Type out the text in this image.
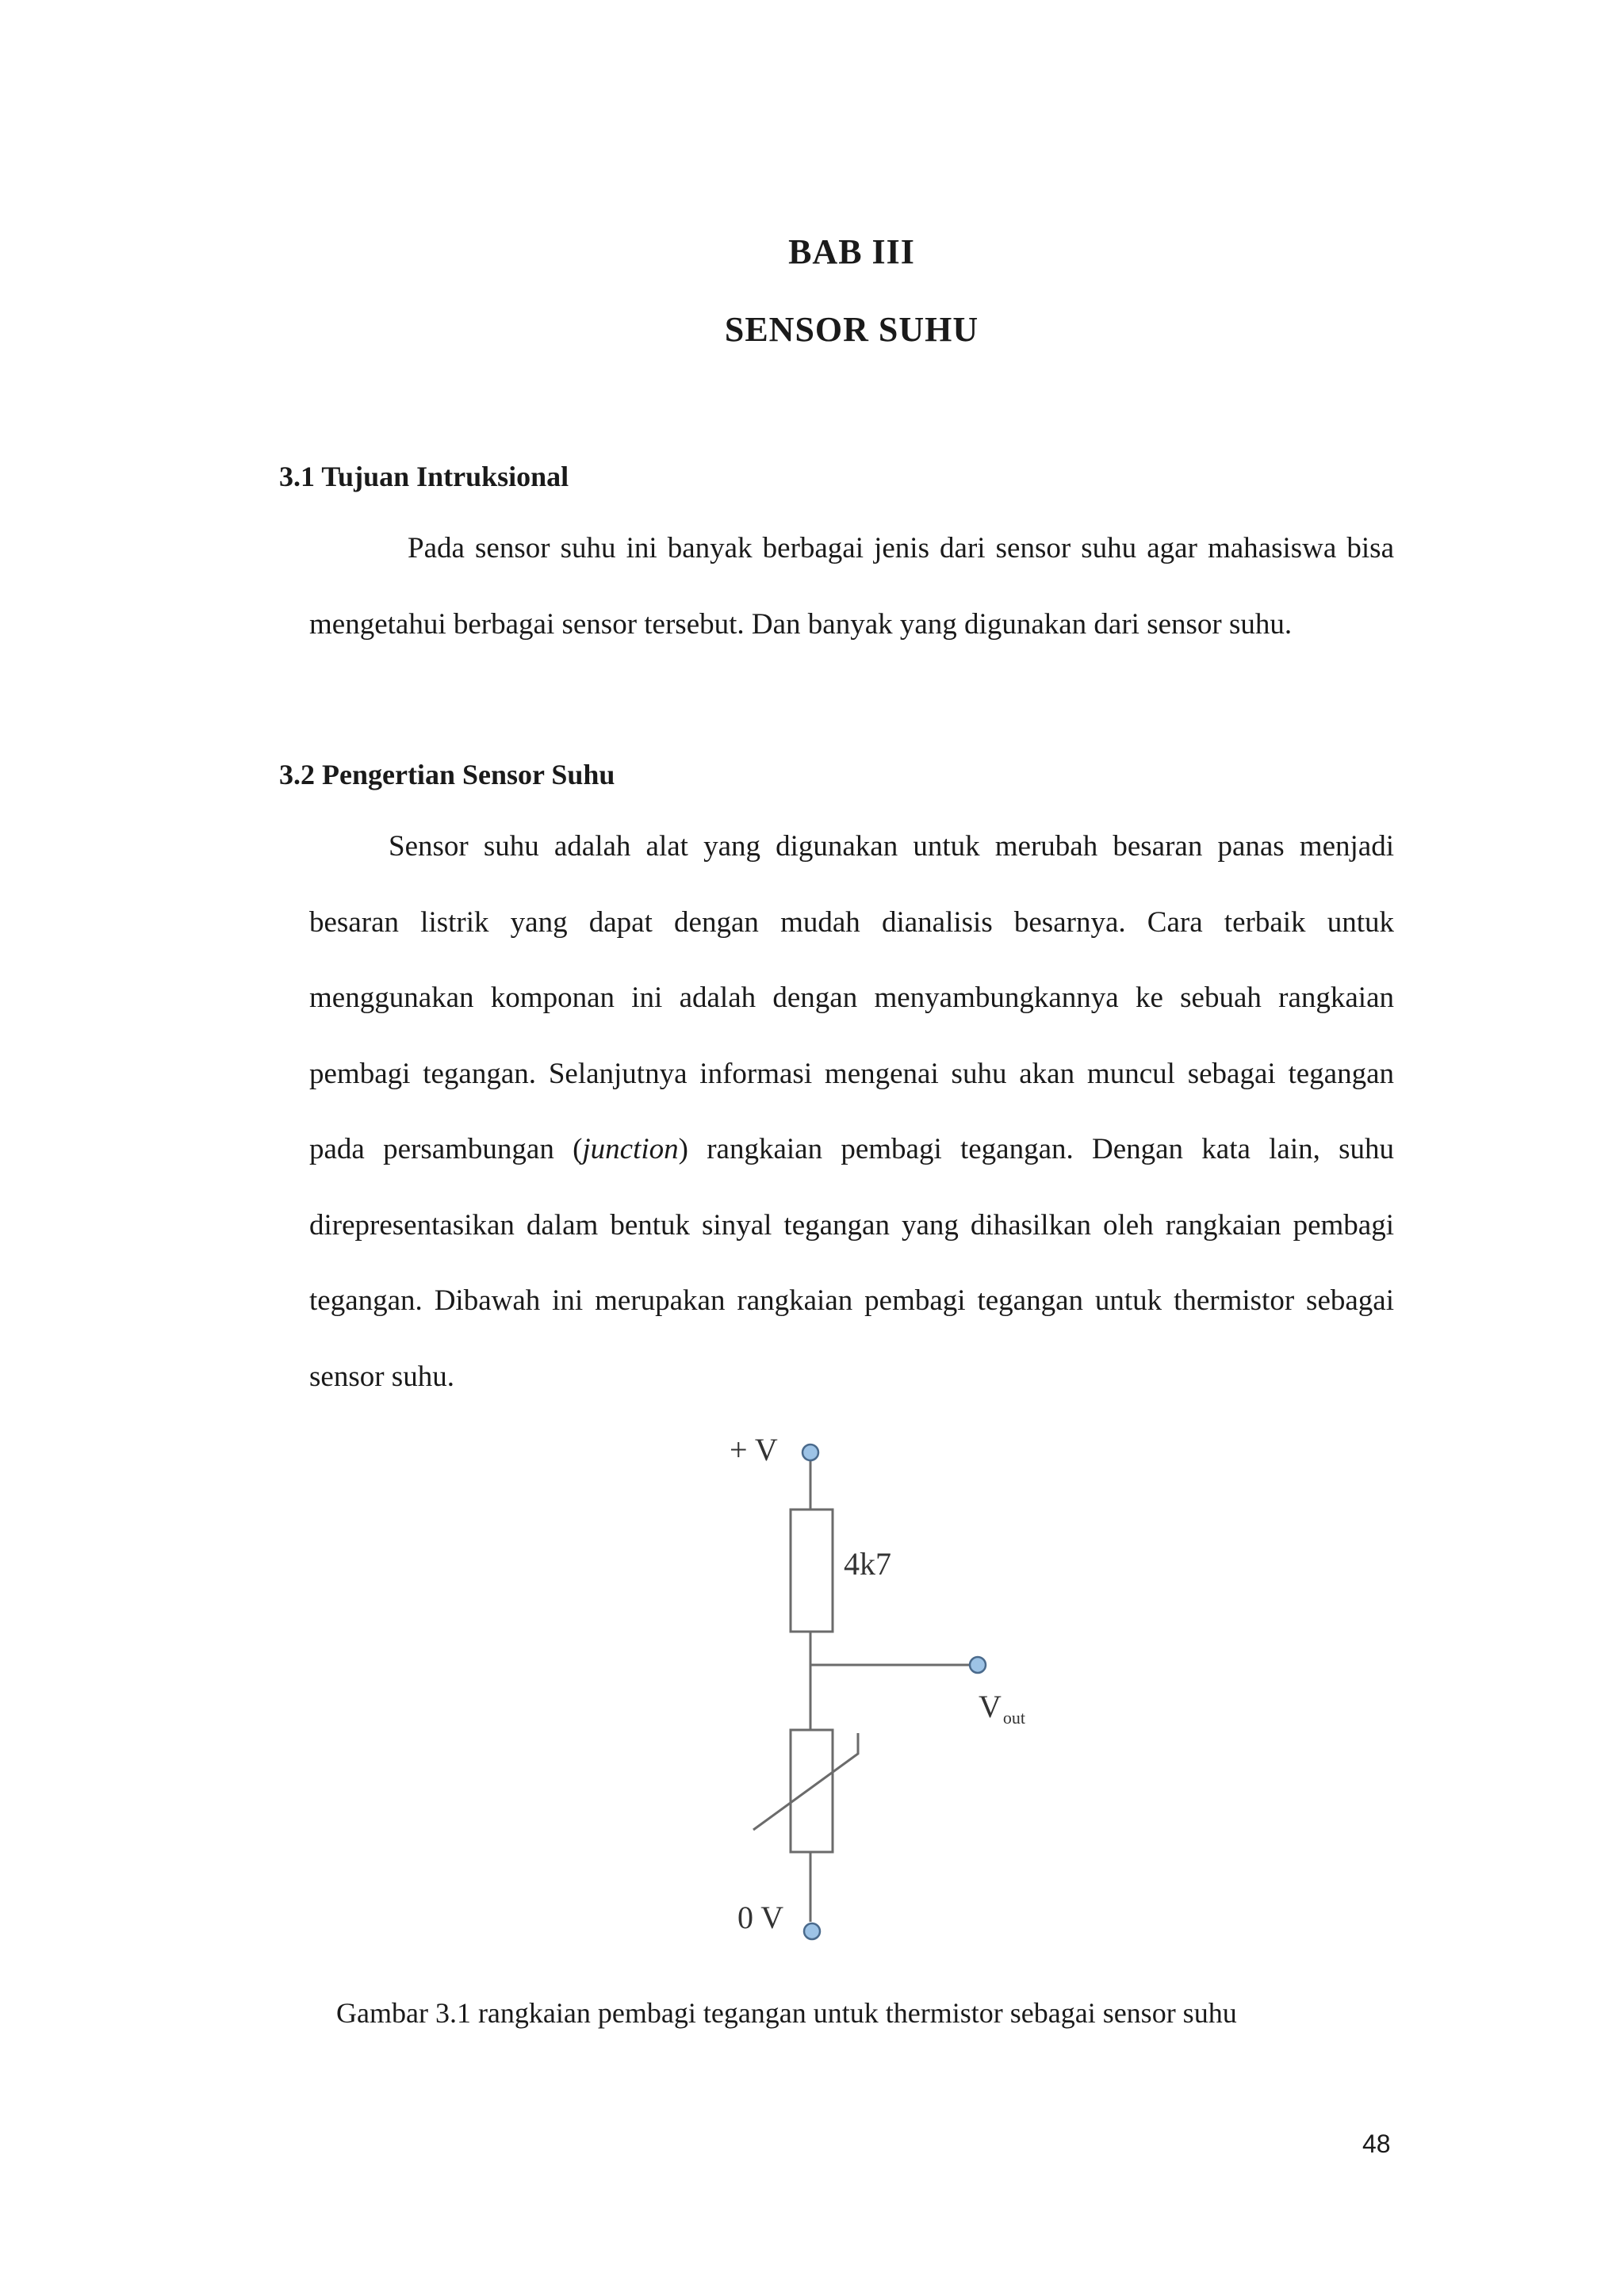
BAB III
SENSOR SUHU
3.1 Tujuan Intruksional

Pada sensor suhu ini banyak berbagai jenis dari sensor suhu agar mahasiswa bisa mengetahui berbagai sensor tersebut. Dan banyak yang digunakan dari sensor suhu.

3.2 Pengertian Sensor Suhu

Sensor suhu adalah alat yang digunakan untuk merubah besaran panas menjadi besaran listrik yang dapat dengan mudah dianalisis besarnya. Cara terbaik untuk menggunakan komponan ini adalah dengan menyambungkannya ke sebuah rangkaian pembagi tegangan. Selanjutnya informasi mengenai suhu akan muncul sebagai tegangan pada persambungan (junction) rangkaian pembagi tegangan. Dengan kata lain, suhu direpresentasikan dalam bentuk sinyal tegangan yang dihasilkan oleh rangkaian pembagi tegangan. Dibawah ini merupakan rangkaian pembagi tegangan untuk thermistor sebagai sensor suhu.

+ V
4k7
$V_{out}$
0 V
Gambar 3.1 rangkaian pembagi tegangan untuk thermistor sebagai sensor suhu
48
